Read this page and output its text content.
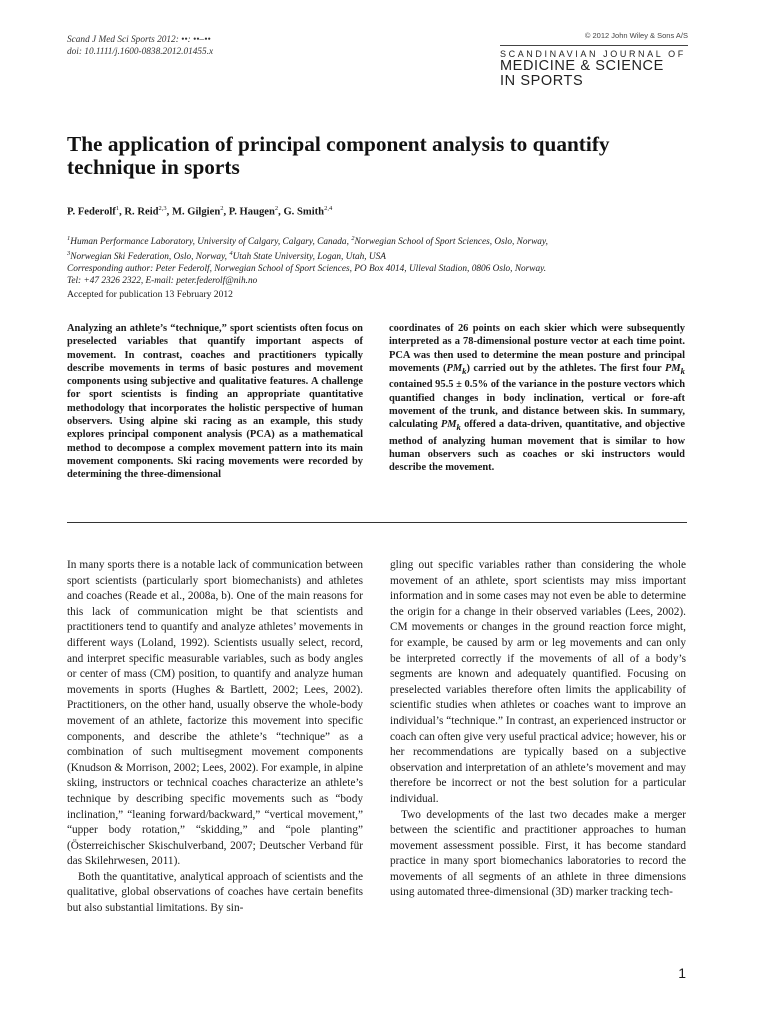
Scand J Med Sci Sports 2012: ••: ••–••
doi: 10.1111/j.1600-0838.2012.01455.x
© 2012 John Wiley & Sons A/S
SCANDINAVIAN JOURNAL OF
MEDICINE & SCIENCE
IN SPORTS
The application of principal component analysis to quantify technique in sports
P. Federolf$^1$, R. Reid$^{2,3}$, M. Gilgien$^2$, P. Haugen$^2$, G. Smith$^{2,4}$
$^1$Human Performance Laboratory, University of Calgary, Calgary, Canada, $^2$Norwegian School of Sport Sciences, Oslo, Norway,
$^3$Norwegian Ski Federation, Oslo, Norway, $^4$Utah State University, Logan, Utah, USA
Corresponding author: Peter Federolf, Norwegian School of Sport Sciences, PO Box 4014, Ulleval Stadion, 0806 Oslo, Norway.
Tel: +47 2326 2322, E-mail: peter.federolf@nih.no
Accepted for publication 13 February 2012
Analyzing an athlete’s “technique,” sport scientists often focus on preselected variables that quantify important aspects of movement. In contrast, coaches and practitioners typically describe movements in terms of basic postures and movement components using subjective and qualitative features. A challenge for sport scientists is finding an appropriate quantitative methodology that incorporates the holistic perspective of human observers. Using alpine ski racing as an example, this study explores principal component analysis (PCA) as a mathematical method to decompose a complex movement pattern into its main movement components. Ski racing movements were recorded by determining the three-dimensional
coordinates of 26 points on each skier which were subsequently interpreted as a 78-dimensional posture vector at each time point. PCA was then used to determine the mean posture and principal movements $(PM_k)$ carried out by the athletes. The first four $PM_k$ contained 95.5 ± 0.5% of the variance in the posture vectors which quantified changes in body inclination, vertical or fore-aft movement of the trunk, and distance between skis. In summary, calculating $PM_k$ offered a data-driven, quantitative, and objective method of analyzing human movement that is similar to how human observers such as coaches or ski instructors would describe the movement.

In many sports there is a notable lack of communication between sport scientists (particularly sport biomechanists) and athletes and coaches (Reade et al., 2008a, b). One of the main reasons for this lack of communication might be that scientists and practitioners tend to quantify and analyze athletes’ movements in different ways (Loland, 1992). Scientists usually select, record, and interpret specific measurable variables, such as body angles or center of mass (CM) position, to quantify and analyze human movements in sports (Hughes & Bartlett, 2002; Lees, 2002). Practitioners, on the other hand, usually observe the whole-body movement of an athlete, factorize this movement into specific components, and describe the athlete’s “technique” as a combination of such multisegment movement components (Knudson & Morrison, 2002; Lees, 2002). For example, in alpine skiing, instructors or technical coaches characterize an athlete’s technique by describing specific movements such as “body inclination,” “leaning forward/backward,” “vertical movement,” “upper body rotation,” “skidding,” and “pole planting” (Österreichischer Skischulverband, 2007; Deutscher Verband für das Skilehrwesen, 2011).

Both the quantitative, analytical approach of scientists and the qualitative, global observations of coaches have certain benefits but also substantial limitations. By sin-

gling out specific variables rather than considering the whole movement of an athlete, sport scientists may miss important information and in some cases may not even be able to determine the origin for a change in their observed variables (Lees, 2002). CM movements or changes in the ground reaction force might, for example, be caused by arm or leg movements and can only be interpreted correctly if the movements of all of a body’s segments are known and adequately quantified. Focusing on preselected variables therefore often limits the applicability of scientific studies when athletes or coaches want to improve an individual’s “technique.” In contrast, an experienced instructor or coach can often give very useful practical advice; however, his or her recommendations are typically based on a subjective observation and interpretation of an athlete’s movement and may therefore be incorrect or not the best solution for a particular individual.

Two developments of the last two decades make a merger between the scientific and practitioner approaches to human movement assessment possible. First, it has become standard practice in many sport biomechanics laboratories to record the movements of all segments of an athlete in three dimensions using automated three-dimensional (3D) marker tracking tech-

1
